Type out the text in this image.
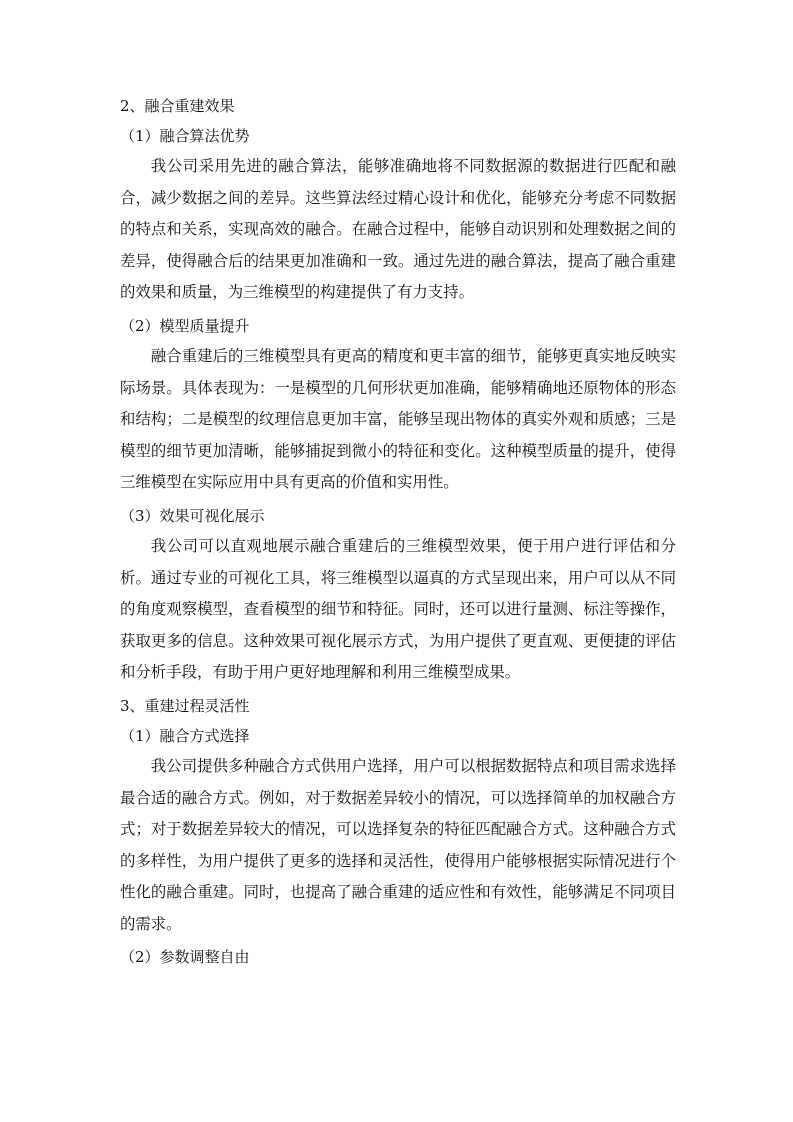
2、融合重建效果
（1）融合算法优势

我公司采用先进的融合算法，能够准确地将不同数据源的数据进行匹配和融合，减少数据之间的差异。这些算法经过精心设计和优化，能够充分考虑不同数据的特点和关系，实现高效的融合。在融合过程中，能够自动识别和处理数据之间的差异，使得融合后的结果更加准确和一致。通过先进的融合算法，提高了融合重建的效果和质量，为三维模型的构建提供了有力支持。

（2）模型质量提升

融合重建后的三维模型具有更高的精度和更丰富的细节，能够更真实地反映实际场景。具体表现为：一是模型的几何形状更加准确，能够精确地还原物体的形态和结构；二是模型的纹理信息更加丰富，能够呈现出物体的真实外观和质感；三是模型的细节更加清晰，能够捕捉到微小的特征和变化。这种模型质量的提升，使得三维模型在实际应用中具有更高的价值和实用性。

（3）效果可视化展示

我公司可以直观地展示融合重建后的三维模型效果，便于用户进行评估和分析。通过专业的可视化工具，将三维模型以逼真的方式呈现出来，用户可以从不同的角度观察模型，查看模型的细节和特征。同时，还可以进行量测、标注等操作，获取更多的信息。这种效果可视化展示方式，为用户提供了更直观、更便捷的评估和分析手段，有助于用户更好地理解和利用三维模型成果。

3、重建过程灵活性
（1）融合方式选择

我公司提供多种融合方式供用户选择，用户可以根据数据特点和项目需求选择最合适的融合方式。例如，对于数据差异较小的情况，可以选择简单的加权融合方式；对于数据差异较大的情况，可以选择复杂的特征匹配融合方式。这种融合方式的多样性，为用户提供了更多的选择和灵活性，使得用户能够根据实际情况进行个性化的融合重建。同时，也提高了融合重建的适应性和有效性，能够满足不同项目的需求。

（2）参数调整自由
